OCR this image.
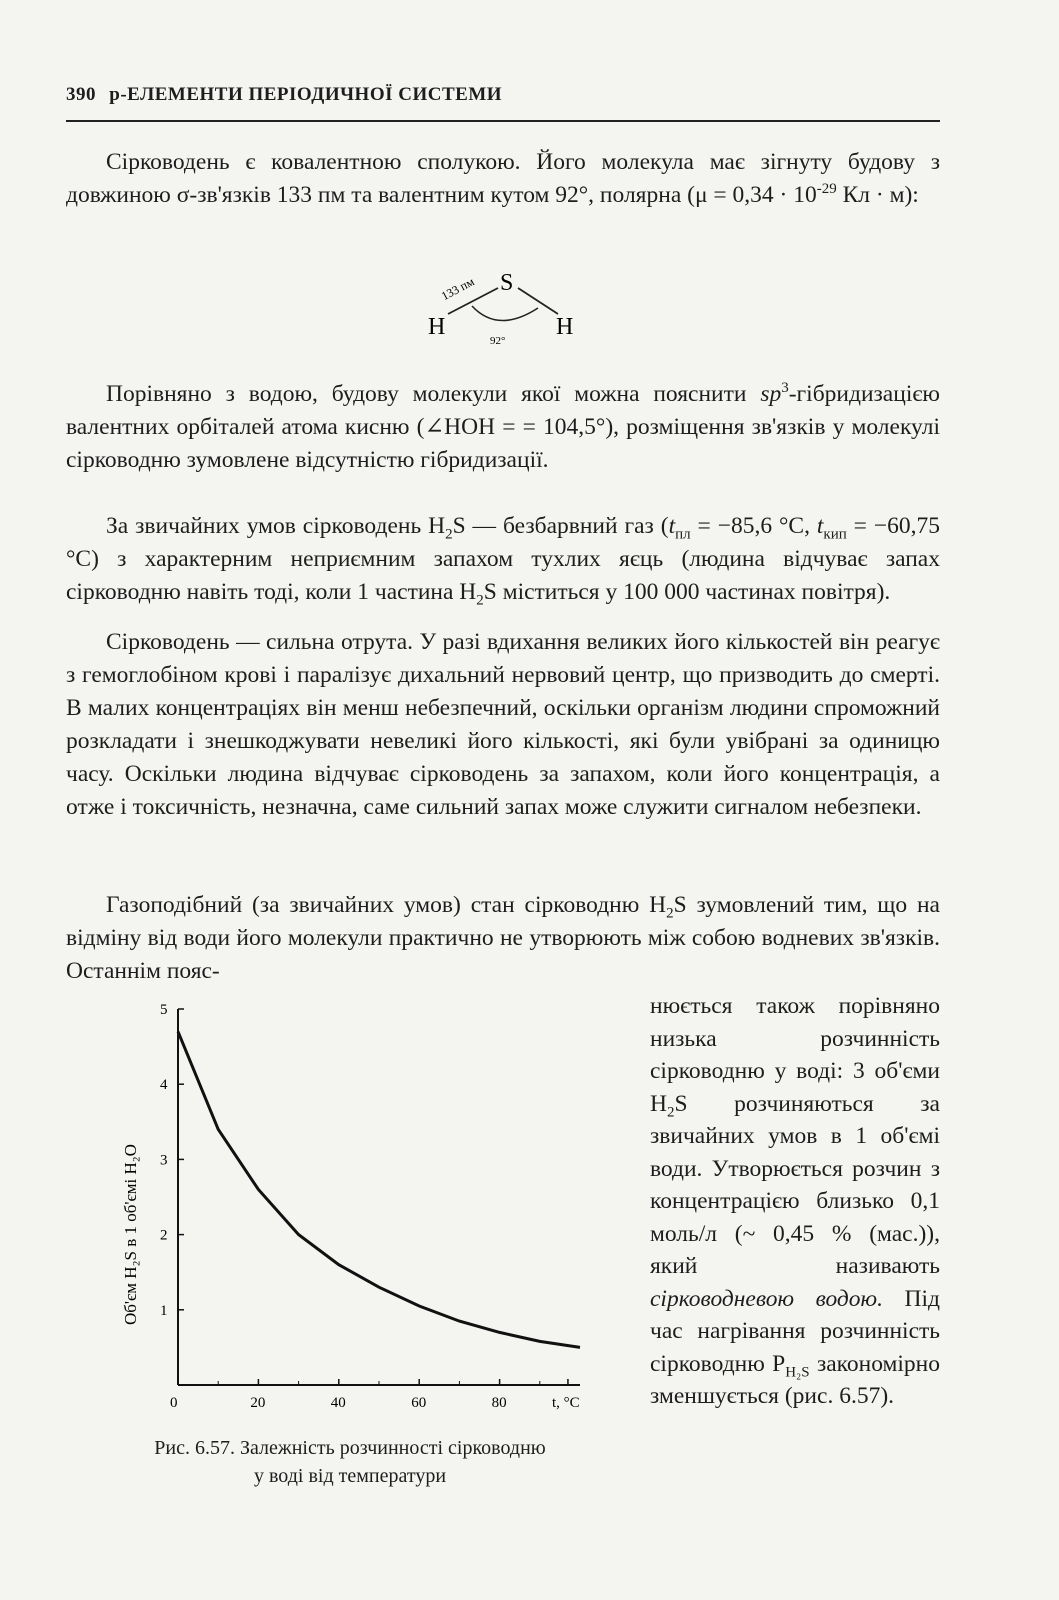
390 p-ЕЛЕМЕНТИ ПЕРІОДИЧНОЇ СИСТЕМИ

Сірководень є ковалентною сполукою. Його молекула має зігнуту будову з довжиною σ-зв'язків 133 пм та валентним кутом 92°, полярна ($\mu = 0,34 \cdot 10^{-29}$ Кл · м):

S
H	H
133 пм
92°

Порівняно з водою, будову молекули якої можна пояснити $sp^3$-гібридизацією валентних орбіталей атома кисню (∠HOH = = 104,5°), розміщення зв'язків у молекулі сірководню зумовлене відсутністю гібридизації.

За звичайних умов сірководень $H_2S$ — безбарвний газ ($t_{пл} = -85,6$ °C, $t_{кип} = -60,75$ °C) з характерним неприємним запахом тухлих яєць (людина відчуває запах сірководню навіть тоді, коли 1 частина $H_2S$ міститься у 100 000 частинах повітря).

Сірководень — сильна отрута. У разі вдихання великих його кількостей він реагує з гемоглобіном крові і паралізує дихальний нервовий центр, що призводить до смерті. В малих концентраціях він менш небезпечний, оскільки організм людини спроможний розкладати і знешкоджувати невеликі його кількості, які були увібрані за одиницю часу. Оскільки людина відчуває сірководень за запахом, коли його концентрація, а отже і токсичність, незначна, саме сильний запах може служити сигналом небезпеки.

Газоподібний (за звичайних умов) стан сірководню $H_2S$ зумовлений тим, що на відміну від води його молекули практично не утворюють між собою водневих зв'язків. Останнім пояс-

нюється також порівняно низька розчинність сірководню у воді: 3 об'єми $H_2S$ розчиняються за звичайних умов в 1 об'ємі води. Утворюється розчин з концентрацією близько 0,1 моль/л (~ 0,45 % (мас.)), який називають сірководневою водою. Під час нагрівання розчинність сірководню $P_{H_2S}$ закономірно зменшується (рис. 6.57).

1
2
3
4
5
0	20	40	60	80	t, °C
Об'єм H₂S в 1 об'ємі H₂O
Рис. 6.57. Залежність розчинності сірководню
у воді від температури
